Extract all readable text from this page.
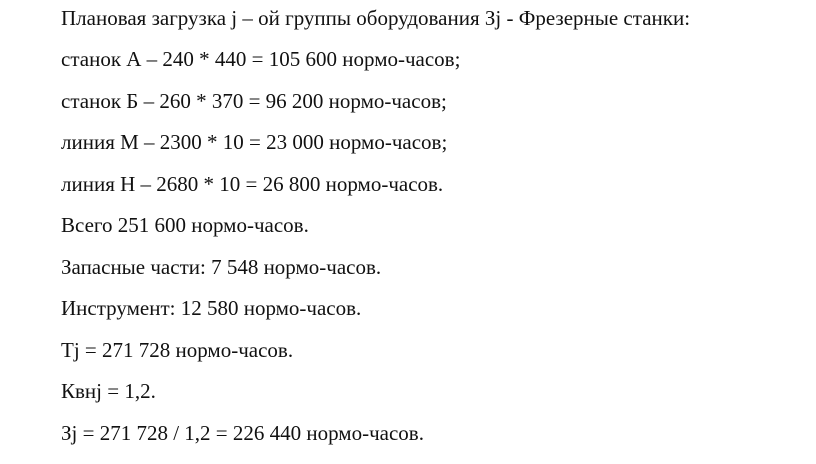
Плановая загрузка j – ой группы оборудования Зj - Фрезерные станки:
станок А – 240 * 440 = 105 600 нормо-часов;
станок Б – 260 * 370 = 96 200 нормо-часов;
линия М – 2300 * 10 = 23 000 нормо-часов;
линия Н – 2680 * 10 = 26 800 нормо-часов.
Всего 251 600 нормо-часов.
Запасные части: 7 548 нормо-часов.
Инструмент: 12 580 нормо-часов.
Тj = 271 728 нормо-часов.
Квнj = 1,2.
Зj = 271 728 / 1,2 = 226 440 нормо-часов.
